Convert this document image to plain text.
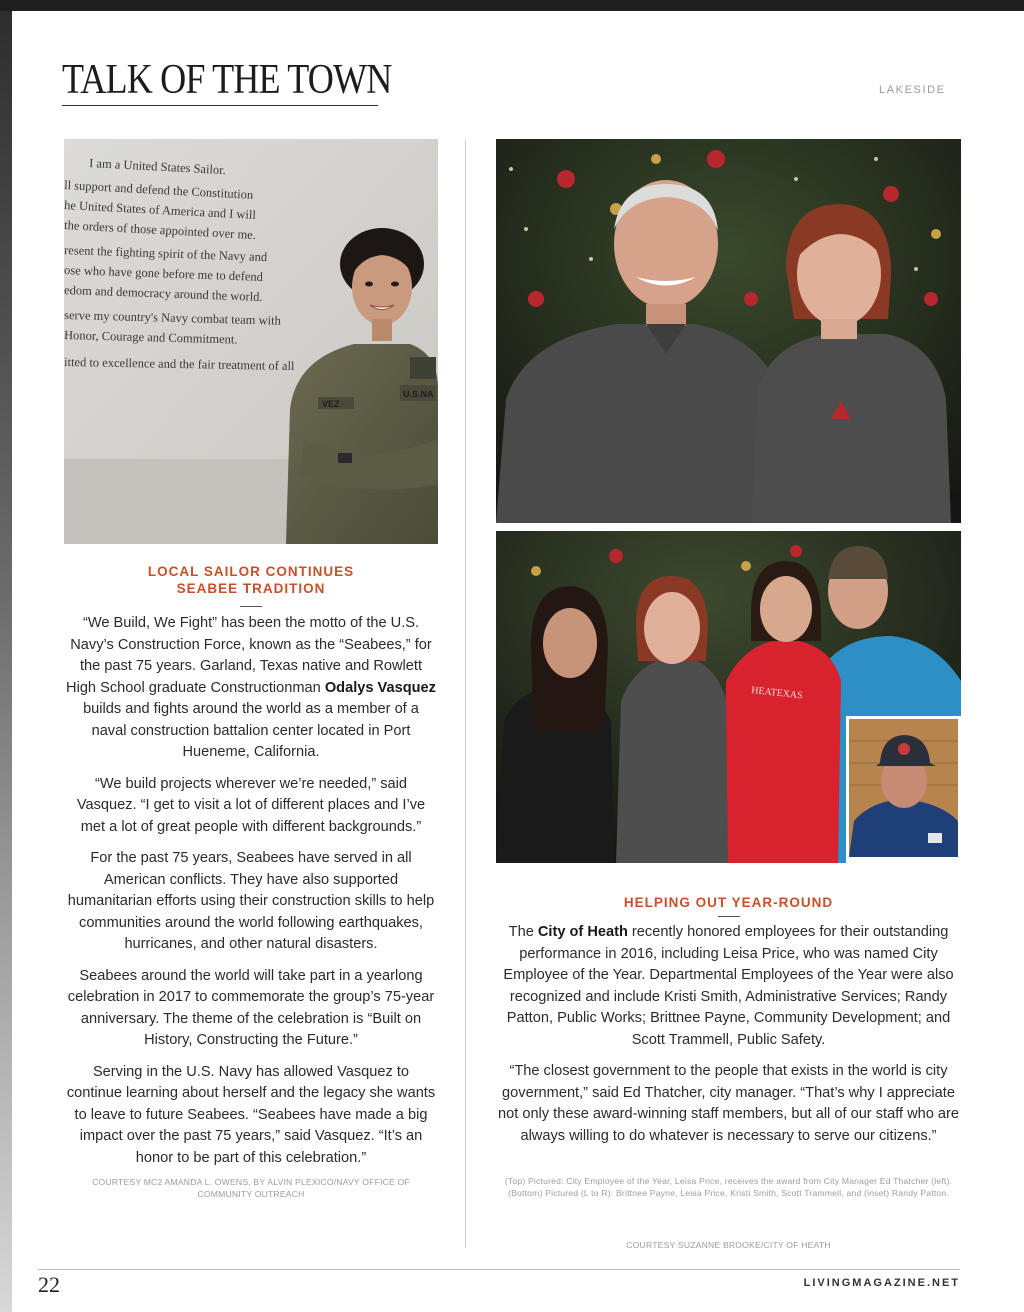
TALK OF THE TOWN	LAKESIDE
I am a United States Sailor.
ll support and defend the Constitution
he United States of America and I will
the orders of those appointed over me.
resent the fighting spirit of the Navy and
ose who have gone before me to defend
edom and democracy around the world.
serve my country's Navy combat team with
Honor, Courage and Commitment.
itted to excellence and the fair treatment of all
VEZ
U.S.NA
HEATEXAS
LOCAL SAILOR CONTINUES
SEABEE TRADITION

“We Build, We Fight” has been the motto of the U.S. Navy’s Construction Force, known as the “Seabees,” for the past 75 years. Garland, Texas native and Rowlett High School graduate Constructionman Odalys Vasquez builds and fights around the world as a member of a naval construction battalion center located in Port Hueneme, California.

“We build projects wherever we’re needed,” said Vasquez. “I get to visit a lot of different places and I’ve met a lot of great people with different backgrounds.”

For the past 75 years, Seabees have served in all American conflicts. They have also supported humanitarian efforts using their construction skills to help communities around the world following earthquakes, hurricanes, and other natural disasters.

Seabees around the world will take part in a yearlong celebration in 2017 to commemorate the group’s 75-year anniversary. The theme of the celebration is “Built on History, Constructing the Future.”

Serving in the U.S. Navy has allowed Vasquez to continue learning about herself and the legacy she wants to leave to future Seabees. “Seabees have made a big impact over the past 75 years,” said Vasquez. “It’s an honor to be part of this celebration.”

COURTESY MC2 AMANDA L. OWENS, BY ALVIN PLEXICO/NAVY OFFICE OF COMMUNITY OUTREACH
HELPING OUT YEAR-ROUND

The City of Heath recently honored employees for their outstanding performance in 2016, including Leisa Price, who was named City Employee of the Year. Departmental Employees of the Year were also recognized and include Kristi Smith, Administrative Services; Randy Patton, Public Works; Brittnee Payne, Community Development; and Scott Trammell, Public Safety.

“The closest government to the people that exists in the world is city government,” said Ed Thatcher, city manager. “That’s why I appreciate not only these award-winning staff members, but all of our staff who are always willing to do whatever is necessary to serve our citizens.”

(Top) Pictured: City Employee of the Year, Leisa Price, receives the award from City Manager Ed Thatcher (left).
(Bottom) Pictured (L to R): Brittnee Payne, Leisa Price, Kristi Smith, Scott Trammell, and (inset) Randy Patton.
COURTESY SUZANNE BROOKE/CITY OF HEATH
22	LIVINGMAGAZINE.NET
